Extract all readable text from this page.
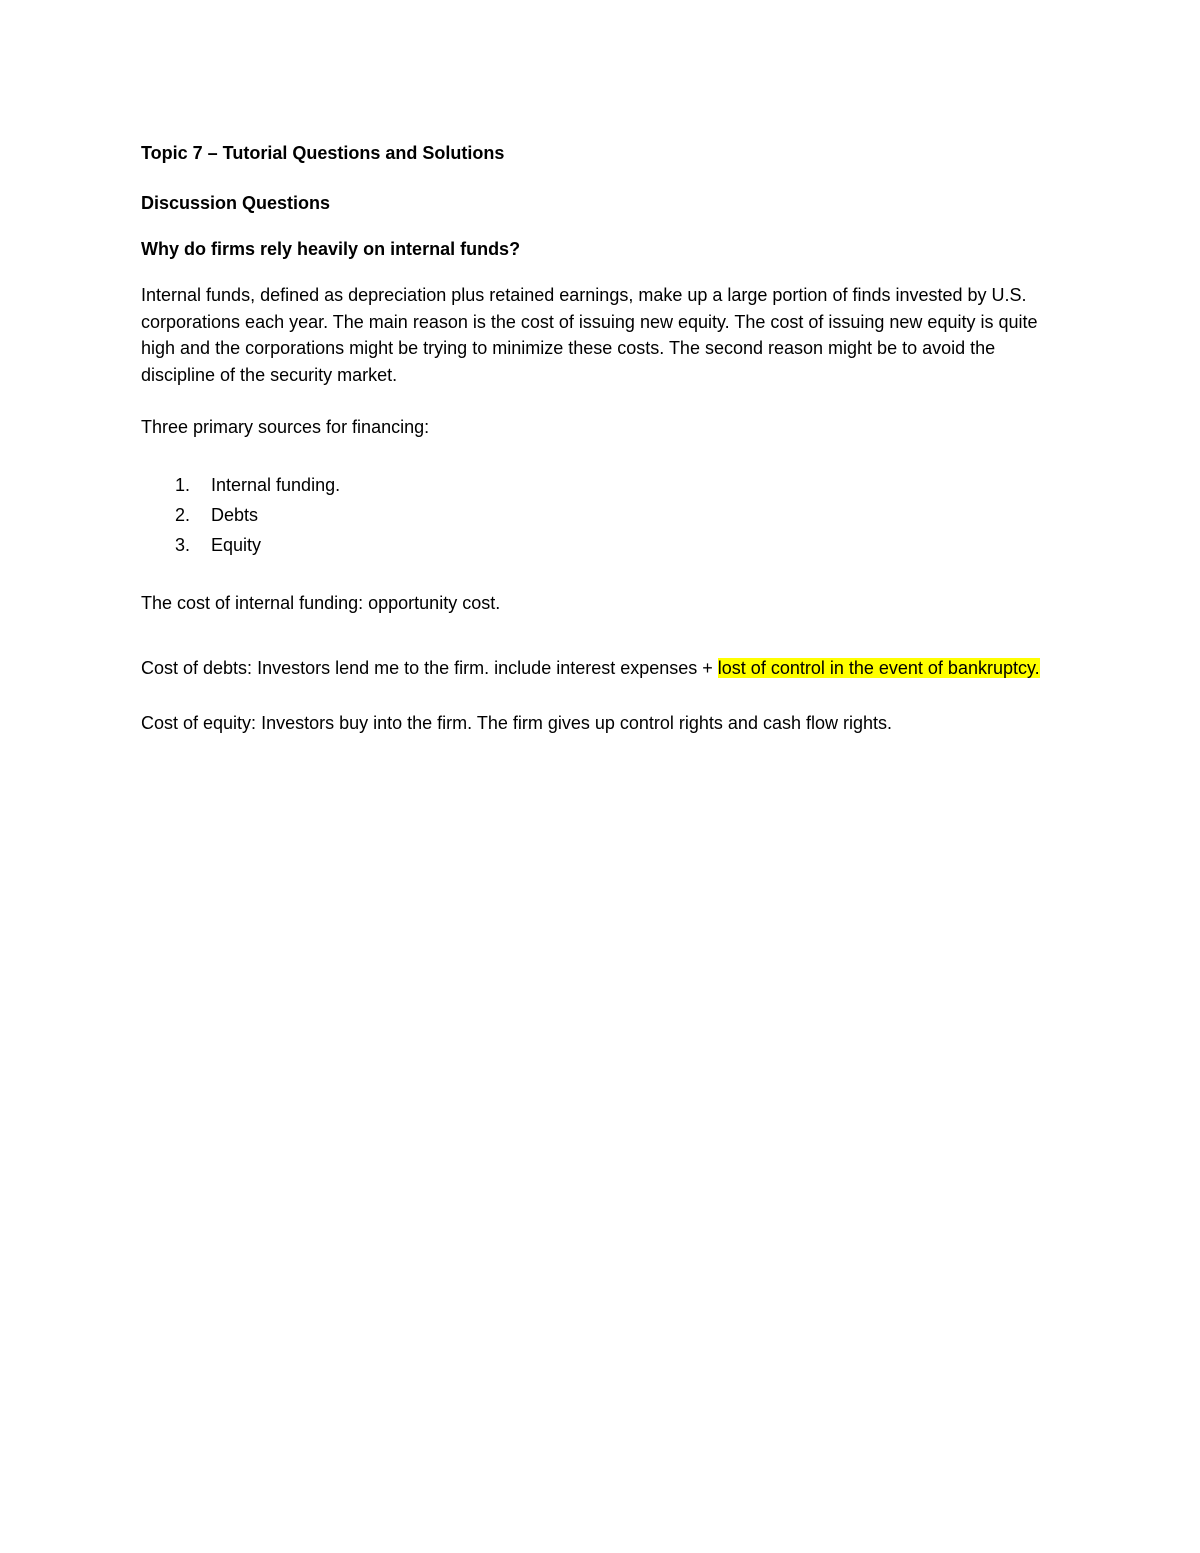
Topic 7 – Tutorial Questions and Solutions

Discussion Questions

Why do firms rely heavily on internal funds?

Internal funds, defined as depreciation plus retained earnings, make up a large portion of finds invested by U.S. corporations each year. The main reason is the cost of issuing new equity. The cost of issuing new equity is quite high and the corporations might be trying to minimize these costs. The second reason might be to avoid the discipline of the security market.

Three primary sources for financing:

1. Internal funding.
2. Debts
3. Equity

The cost of internal funding: opportunity cost.

Cost of debts: Investors lend me to the firm. include interest expenses + lost of control in the event of bankruptcy.

Cost of equity: Investors buy into the firm. The firm gives up control rights and cash flow rights.
